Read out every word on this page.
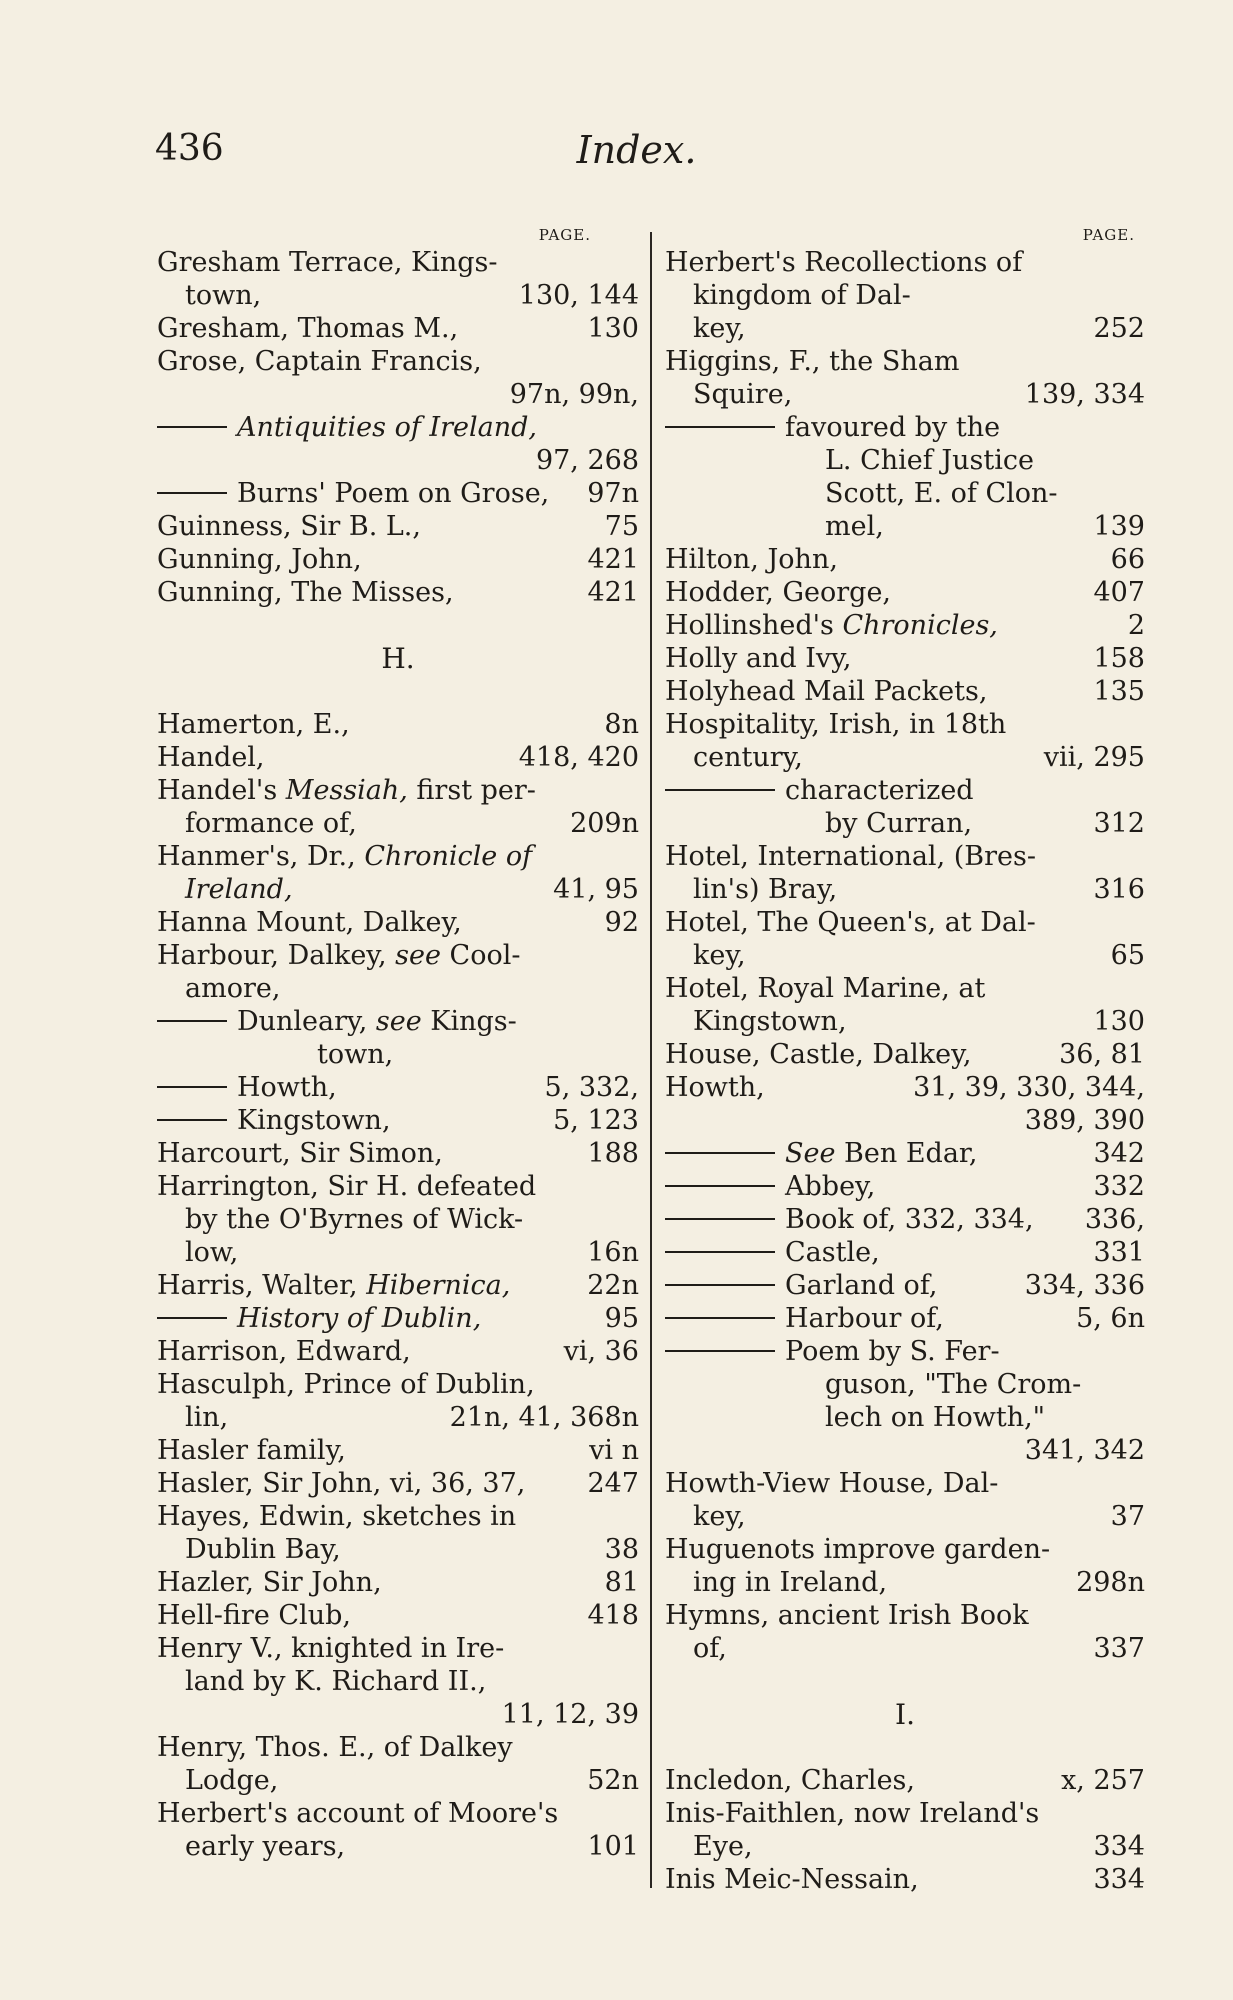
436	Index.
PAGE.
Gresham Terrace, Kings-
town,	130, 144
Gresham, Thomas M.,	130
Grose, Captain Francis,
97n, 99n,
Antiquities of Ireland,
97, 268
Burns' Poem on Grose, 97n
Guinness, Sir B. L.,	75
Gunning, John,	421
Gunning, The Misses,	421
H.
Hamerton, E.,	8n
Handel,	418, 420
Handel's Messiah, first per-
formance of,	209n
Hanmer's, Dr., Chronicle of
Ireland,	41, 95
Hanna Mount, Dalkey,	92
Harbour, Dalkey, see Cool-
amore,
Dunleary, see Kings-
town,
Howth,	5, 332,
Kingstown,	5, 123
Harcourt, Sir Simon,	188
Harrington, Sir H. defeated
by the O'Byrnes of Wick-
low,	16n
Harris, Walter, Hibernica,	22n
History of Dublin,	95
Harrison, Edward,	vi, 36
Hasculph, Prince of Dublin,
lin,	21n, 41, 368n
Hasler family,	vi n
Hasler, Sir John, vi, 36, 37, 247
Hayes, Edwin, sketches in
Dublin Bay,	38
Hazler, Sir John,	81
Hell-fire Club,	418
Henry V., knighted in Ire-
land by K. Richard II.,
11, 12, 39
Henry, Thos. E., of Dalkey
Lodge,	52n
Herbert's account of Moore's
early years,	101
PAGE.
Herbert's Recollections of
kingdom of Dal-
key,	252
Higgins, F., the Sham
Squire,	139, 334
favoured by the
L. Chief Justice
Scott, E. of Clon-
mel,	139
Hilton, John,	66
Hodder, George,	407
Hollinshed's Chronicles,	2
Holly and Ivy,	158
Holyhead Mail Packets,	135
Hospitality, Irish, in 18th
century,	vii, 295
characterized
by Curran,	312
Hotel, International, (Bres-
lin's) Bray,	316
Hotel, The Queen's, at Dal-
key,	65
Hotel, Royal Marine, at
Kingstown,	130
House, Castle, Dalkey,	36, 81
Howth,	31, 39, 330, 344,
389, 390
See Ben Edar,	342
Abbey,	332
Book of, 332, 334, 336,
Castle,	331
Garland of,	334, 336
Harbour of,	5, 6n
Poem by S. Fer-
guson, "The Crom-
lech on Howth,"
341, 342
Howth-View House, Dal-
key,	37
Huguenots improve garden-
ing in Ireland,	298n
Hymns, ancient Irish Book
of,	337
I.
Incledon, Charles,	x, 257
Inis-Faithlen, now Ireland's
Eye,	334
Inis Meic-Nessain,	334
